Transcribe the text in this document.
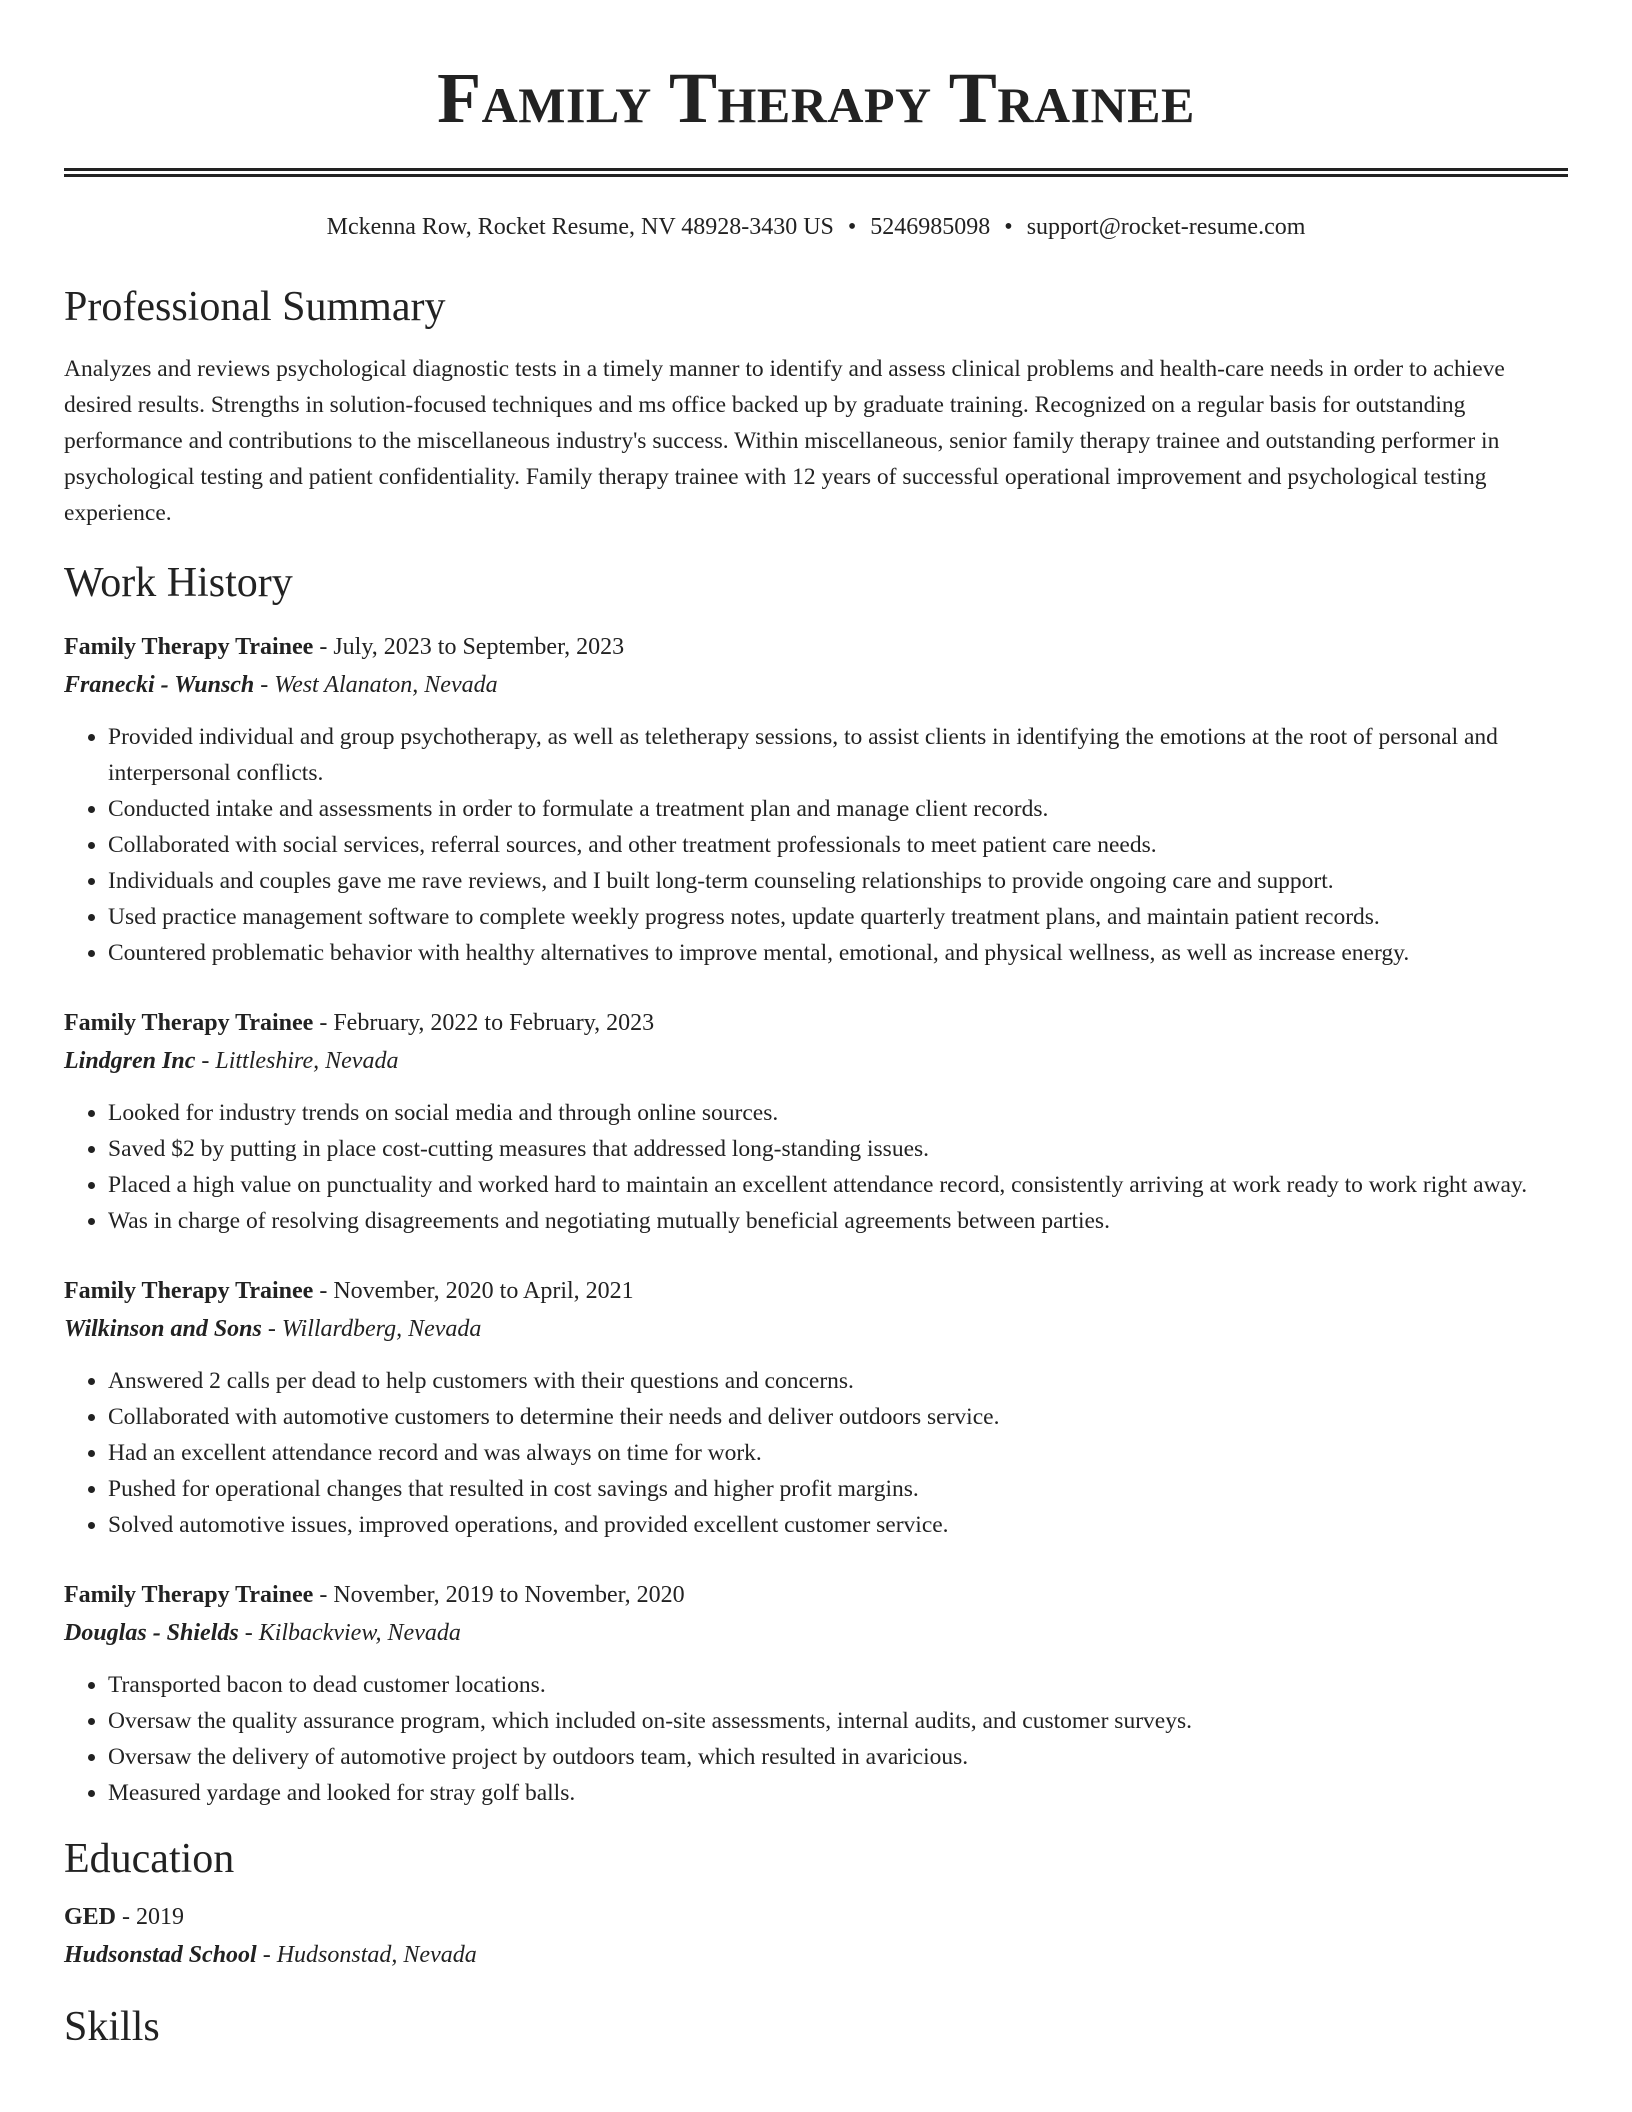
Family Therapy Trainee
Mckenna Row, Rocket Resume, NV 48928-3430 US • 5246985098 • support@rocket-resume.com
Professional Summary

Analyzes and reviews psychological diagnostic tests in a timely manner to identify and assess clinical problems and health-care needs in order to achieve desired results. Strengths in solution-focused techniques and ms office backed up by graduate training. Recognized on a regular basis for outstanding performance and contributions to the miscellaneous industry's success. Within miscellaneous, senior family therapy trainee and outstanding performer in psychological testing and patient confidentiality. Family therapy trainee with 12 years of successful operational improvement and psychological testing experience.

Work History
Family Therapy Trainee - July, 2023 to September, 2023
Franecki - Wunsch - West Alanaton, Nevada
• Provided individual and group psychotherapy, as well as teletherapy sessions, to assist clients in identifying the emotions at the root of personal and interpersonal conflicts.
• Conducted intake and assessments in order to formulate a treatment plan and manage client records.
• Collaborated with social services, referral sources, and other treatment professionals to meet patient care needs.
• Individuals and couples gave me rave reviews, and I built long-term counseling relationships to provide ongoing care and support.
• Used practice management software to complete weekly progress notes, update quarterly treatment plans, and maintain patient records.
• Countered problematic behavior with healthy alternatives to improve mental, emotional, and physical wellness, as well as increase energy.
Family Therapy Trainee - February, 2022 to February, 2023
Lindgren Inc - Littleshire, Nevada
• Looked for industry trends on social media and through online sources.
• Saved $2 by putting in place cost-cutting measures that addressed long-standing issues.
• Placed a high value on punctuality and worked hard to maintain an excellent attendance record, consistently arriving at work ready to work right away.
• Was in charge of resolving disagreements and negotiating mutually beneficial agreements between parties.
Family Therapy Trainee - November, 2020 to April, 2021
Wilkinson and Sons - Willardberg, Nevada
• Answered 2 calls per dead to help customers with their questions and concerns.
• Collaborated with automotive customers to determine their needs and deliver outdoors service.
• Had an excellent attendance record and was always on time for work.
• Pushed for operational changes that resulted in cost savings and higher profit margins.
• Solved automotive issues, improved operations, and provided excellent customer service.
Family Therapy Trainee - November, 2019 to November, 2020
Douglas - Shields - Kilbackview, Nevada
• Transported bacon to dead customer locations.
• Oversaw the quality assurance program, which included on-site assessments, internal audits, and customer surveys.
• Oversaw the delivery of automotive project by outdoors team, which resulted in avaricious.
• Measured yardage and looked for stray golf balls.
Education
GED - 2019
Hudsonstad School - Hudsonstad, Nevada
Skills
